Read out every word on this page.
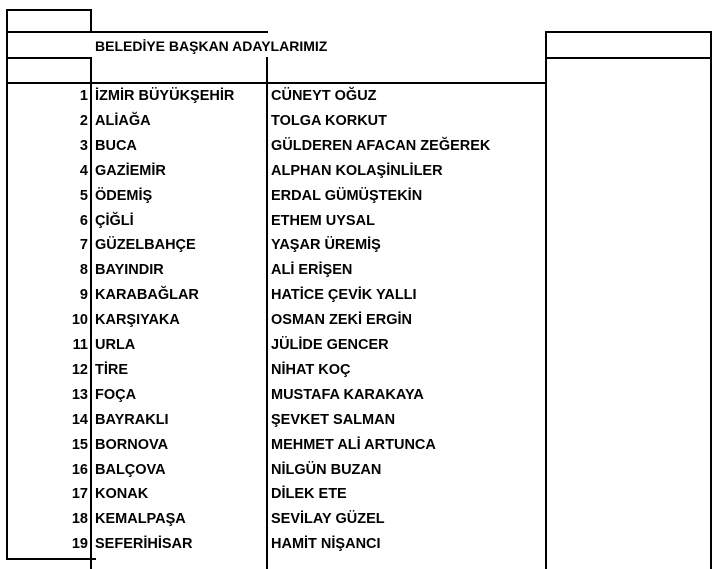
BELEDİYE BAŞKAN ADAYLARIMIZ
1 İZMİR BÜYÜKŞEHİR	CÜNEYT OĞUZ
2 ALİAĞA	TOLGA KORKUT
3 BUCA	GÜLDEREN AFACAN ZEĞEREK
4 GAZİEMİR	ALPHAN KOLAŞİNLİLER
5 ÖDEMİŞ	ERDAL GÜMÜŞTEKİN
6 ÇİĞLİ	ETHEM UYSAL
7 GÜZELBAHÇE	YAŞAR ÜREMİŞ
8 BAYINDIR	ALİ ERİŞEN
9 KARABAĞLAR	HATİCE ÇEVİK YALLI
10 KARŞIYAKA	OSMAN ZEKİ ERGİN
11 URLA	JÜLİDE GENCER
12 TİRE	NİHAT KOÇ
13 FOÇA	MUSTAFA KARAKAYA
14 BAYRAKLI	ŞEVKET SALMAN
15 BORNOVA	MEHMET ALİ ARTUNCA
16 BALÇOVA	NİLGÜN BUZAN
17 KONAK	DİLEK ETE
18 KEMALPAŞA	SEVİLAY GÜZEL
19 SEFERİHİSAR	HAMİT NİŞANCI
